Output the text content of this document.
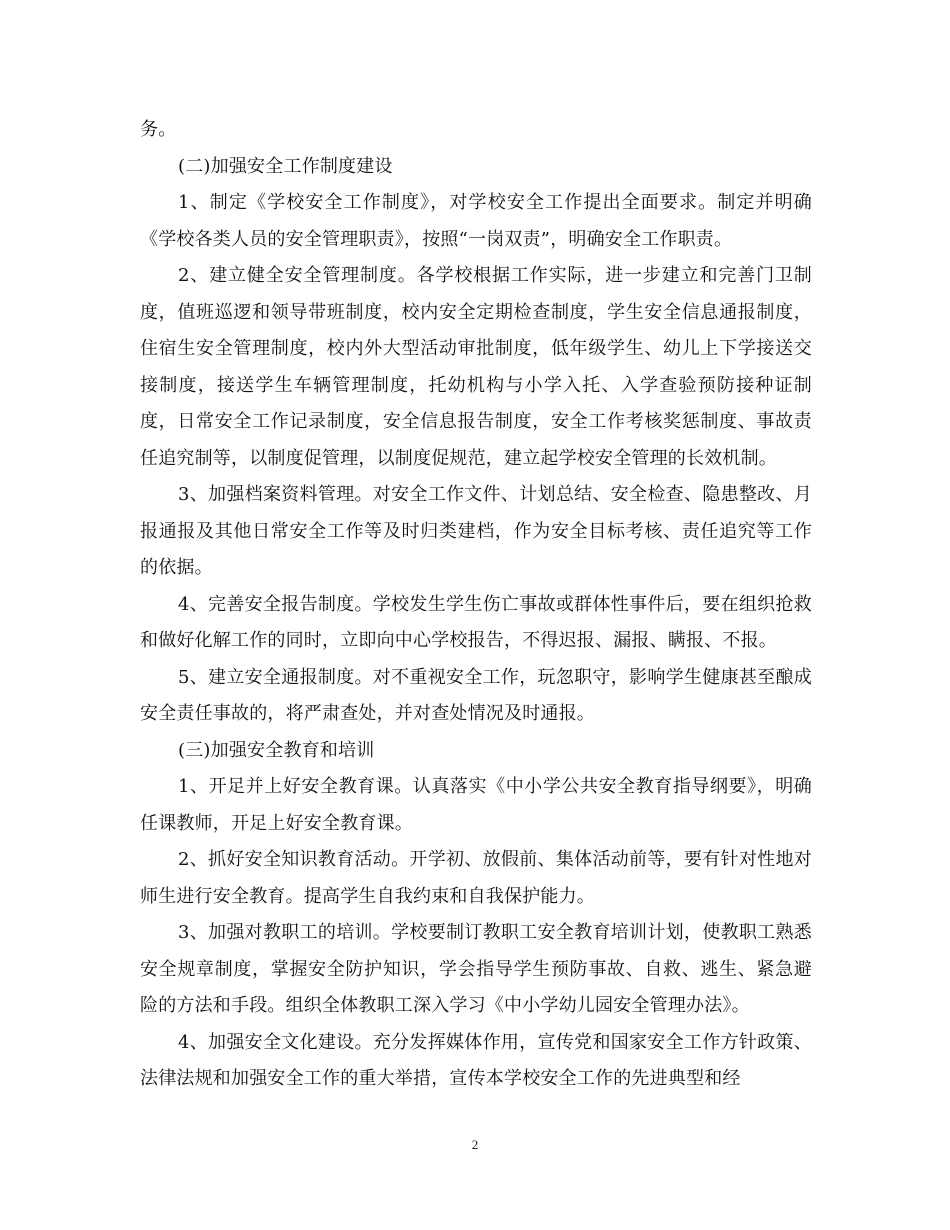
务。

(二)加强安全工作制度建设

1、制定《学校安全工作制度》，对学校安全工作提出全面要求。制定并明确《学校各类人员的安全管理职责》，按照“一岗双责”，明确安全工作职责。

2、建立健全安全管理制度。各学校根据工作实际，进一步建立和完善门卫制度，值班巡逻和领导带班制度，校内安全定期检查制度，学生安全信息通报制度，住宿生安全管理制度，校内外大型活动审批制度，低年级学生、幼儿上下学接送交接制度，接送学生车辆管理制度，托幼机构与小学入托、入学查验预防接种证制度，日常安全工作记录制度，安全信息报告制度，安全工作考核奖惩制度、事故责任追究制等，以制度促管理，以制度促规范，建立起学校安全管理的长效机制。

3、加强档案资料管理。对安全工作文件、计划总结、安全检查、隐患整改、月报通报及其他日常安全工作等及时归类建档，作为安全目标考核、责任追究等工作的依据。

4、完善安全报告制度。学校发生学生伤亡事故或群体性事件后，要在组织抢救和做好化解工作的同时，立即向中心学校报告，不得迟报、漏报、瞒报、不报。

5、建立安全通报制度。对不重视安全工作，玩忽职守，影响学生健康甚至酿成安全责任事故的，将严肃查处，并对查处情况及时通报。

(三)加强安全教育和培训

1、开足并上好安全教育课。认真落实《中小学公共安全教育指导纲要》，明确任课教师，开足上好安全教育课。

2、抓好安全知识教育活动。开学初、放假前、集体活动前等，要有针对性地对师生进行安全教育。提高学生自我约束和自我保护能力。

3、加强对教职工的培训。学校要制订教职工安全教育培训计划，使教职工熟悉安全规章制度，掌握安全防护知识，学会指导学生预防事故、自救、逃生、紧急避险的方法和手段。组织全体教职工深入学习《中小学幼儿园安全管理办法》。

4、加强安全文化建设。充分发挥媒体作用，宣传党和国家安全工作方针政策、法律法规和加强安全工作的重大举措，宣传本学校安全工作的先进典型和经

2
